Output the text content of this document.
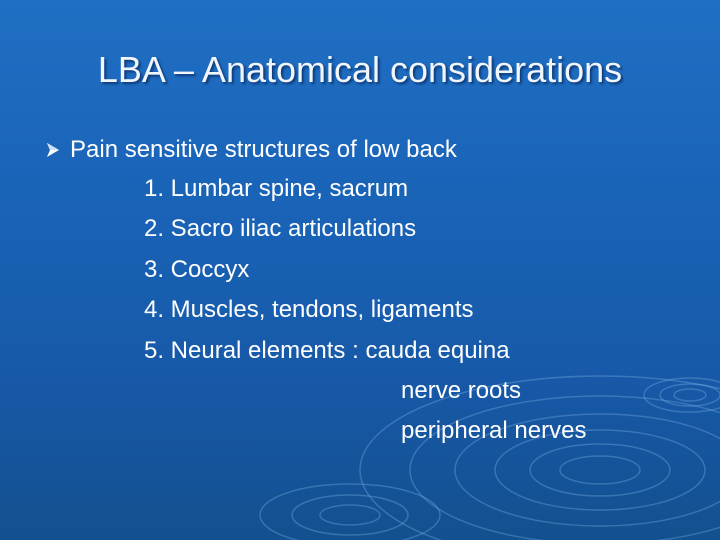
LBA – Anatomical considerations
Pain sensitive structures of low back
1. Lumbar spine, sacrum
2. Sacro iliac articulations
3. Coccyx
4. Muscles, tendons, ligaments
5. Neural elements : cauda equina
nerve roots
peripheral nerves
